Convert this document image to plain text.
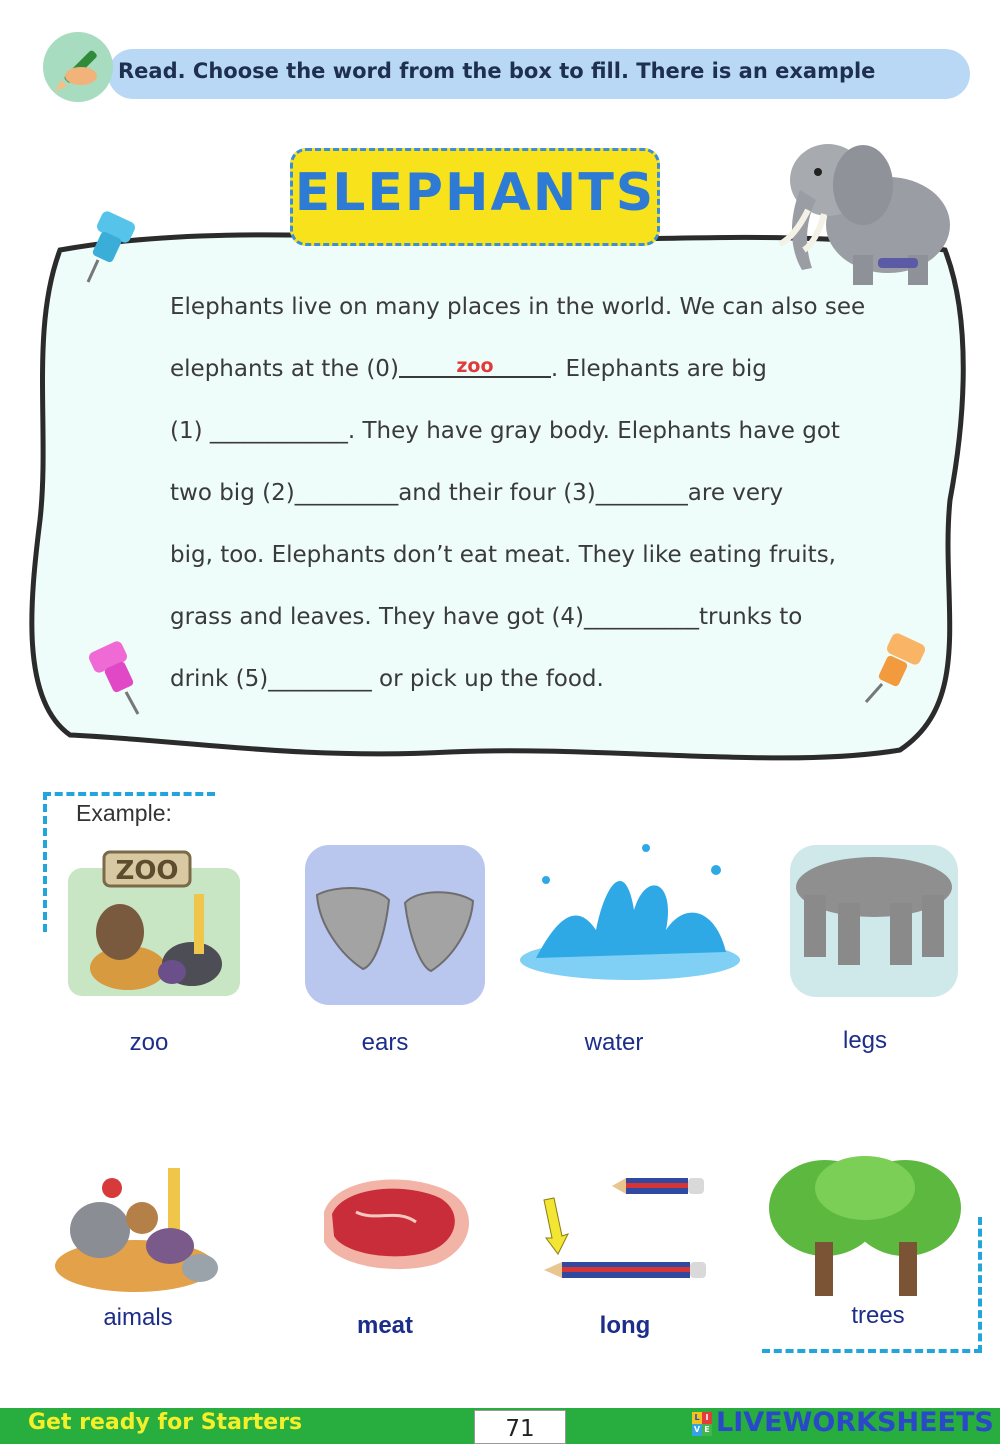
Read. Choose the word from the box to fill. There is an example
ELEPHANTS
Elephants live on many places in the world. We can also see
elephants at the (0)	zoo . Elephants are big
(1) ____________. They have gray body. Elephants have got
two big (2)_________and their four (3)________are very
big, too. Elephants don’t eat meat. They like eating fruits,
grass and leaves. They have got (4)__________trunks to
drink (5)_________ or pick up the food.
Example:
ZOO
zoo	ears	water	legs
aimals	meat	long	trees
Get ready for Starters	71	LIVEWORKSHEETS
L I
V E
